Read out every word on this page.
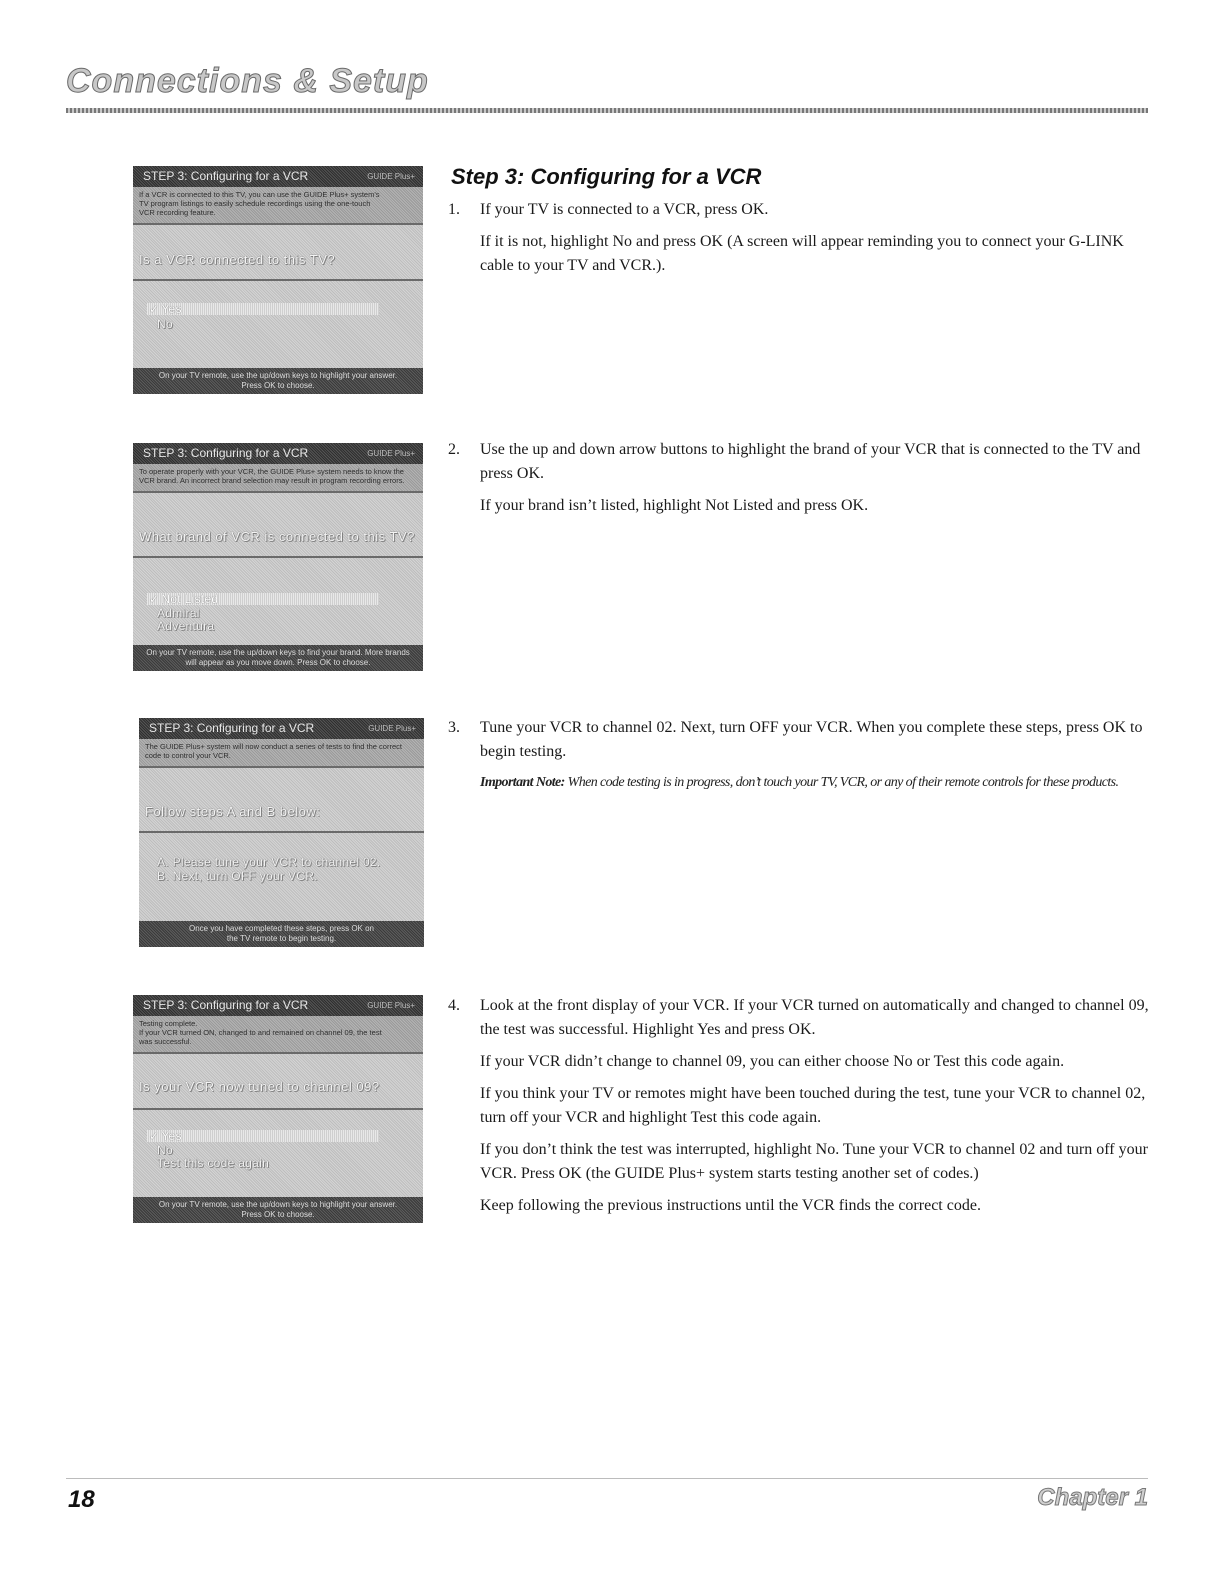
Connections & Setup
STEP 3: Configuring for a VCR	GUIDE Plus+
If a VCR is connected to this TV, you can use the GUIDE Plus+ system's
TV program listings to easily schedule recordings using the one-touch
VCR recording feature.
Is a VCR connected to this TV?
✓ Yes
No
On your TV remote, use the up/down keys to highlight your answer.
Press OK to choose.
STEP 3: Configuring for a VCR	GUIDE Plus+
To operate properly with your VCR, the GUIDE Plus+ system needs to know the
VCR brand. An incorrect brand selection may result in program recording errors.
What brand of VCR is connected to this TV?
✓ Not Listed
Admiral
Adventura
On your TV remote, use the up/down keys to find your brand. More brands
will appear as you move down. Press OK to choose.
STEP 3: Configuring for a VCR	GUIDE Plus+
The GUIDE Plus+ system will now conduct a series of tests to find the correct
code to control your VCR.
Follow steps A and B below:
A. Please tune your VCR to channel 02.
B. Next, turn OFF your VCR.
Once you have completed these steps, press OK on
the TV remote to begin testing.
STEP 3: Configuring for a VCR	GUIDE Plus+
Testing complete.
If your VCR turned ON, changed to and remained on channel 09, the test
was successful.
Is your VCR now tuned to channel 09?
✓ Yes
No
Test this code again
On your TV remote, use the up/down keys to highlight your answer.
Press OK to choose.
Step 3: Configuring for a VCR
1. If your TV is connected to a VCR, press OK.

If it is not, highlight No and press OK (A screen will appear reminding you to connect your G-LINK cable to your TV and VCR.).

2. Use the up and down arrow buttons to highlight the brand of your VCR that is connected to the TV and press OK.

If your brand isn’t listed, highlight Not Listed and press OK.

3. Tune your VCR to channel 02. Next, turn OFF your VCR. When you complete these steps, press OK to begin testing.

Important Note: When code testing is in progress, don’t touch your TV, VCR, or any of their remote controls for these products.
4. Look at the front display of your VCR. If your VCR turned on automatically and changed to channel 09, the test was successful. Highlight Yes and press OK.

If your VCR didn’t change to channel 09, you can either choose No or Test this code again.

If you think your TV or remotes might have been touched during the test, tune your VCR to channel 02, turn off your VCR and highlight Test this code again.

If you don’t think the test was interrupted, highlight No. Tune your VCR to channel 02 and turn off your VCR. Press OK (the GUIDE Plus+ system starts testing another set of codes.)

Keep following the previous instructions until the VCR finds the correct code.

18	Chapter 1
